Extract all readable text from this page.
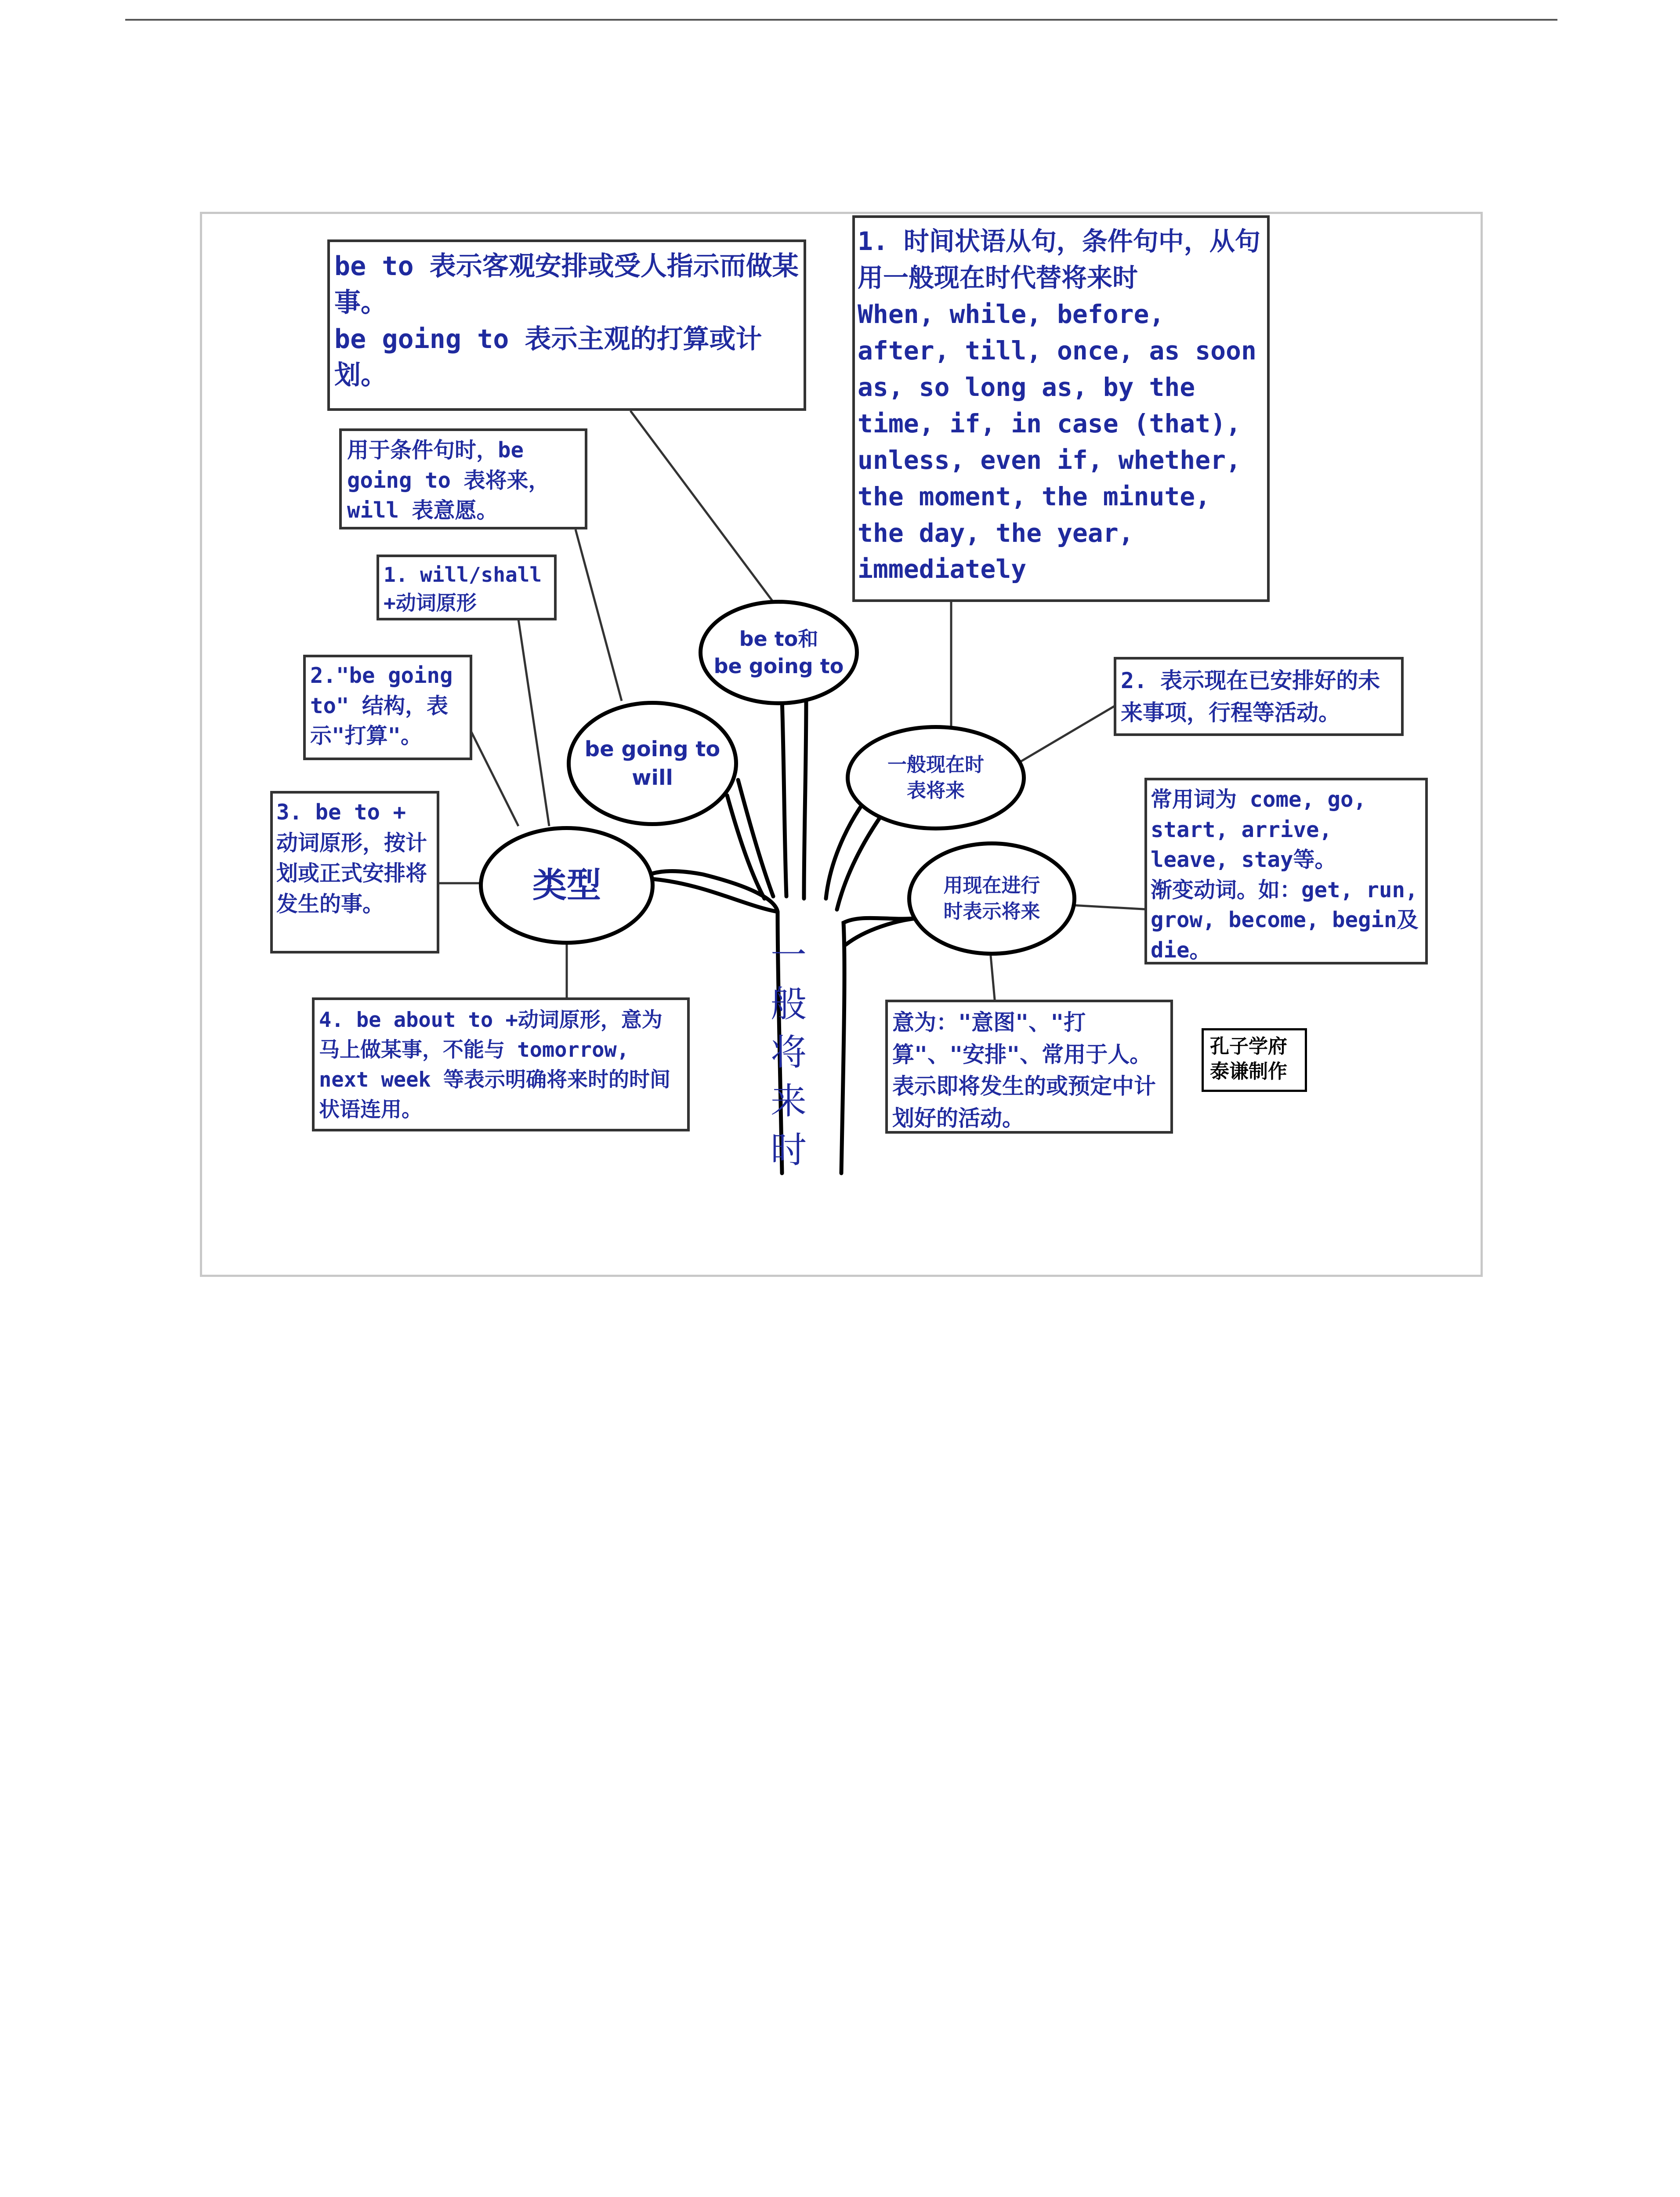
类型
be going to
will
be to和
be going to
一般现在时
表将来
用现在进行
时表示将来
一般将来时
be to 表示客观安排或受人指示而做某事。
be going to 表示主观的打算或计划。
用于条件句时，be going to 表将来，will 表意愿。
1. will/shall +动词原形
2."be going to" 结构，表示"打算"。
3. be to + 动词原形，按计划或正式安排将发生的事。
4. be about to +动词原形，意为马上做某事，不能与 tomorrow, next week 等表示明确将来时的时间状语连用。
1. 时间状语从句，条件句中，从句用一般现在时代替将来时
When, while, before, after, till, once, as soon as, so long as, by the time, if, in case (that), unless, even if, whether, the moment, the minute, the day, the year, immediately
2. 表示现在已安排好的未来事项，行程等活动。
常用词为 come, go, start, arrive, leave, stay等。
渐变动词。如：get, run, grow, become, begin及die。
意为："意图"、"打算"、"安排"、常用于人。表示即将发生的或预定中计划好的活动。
孔子学府
泰谦制作
